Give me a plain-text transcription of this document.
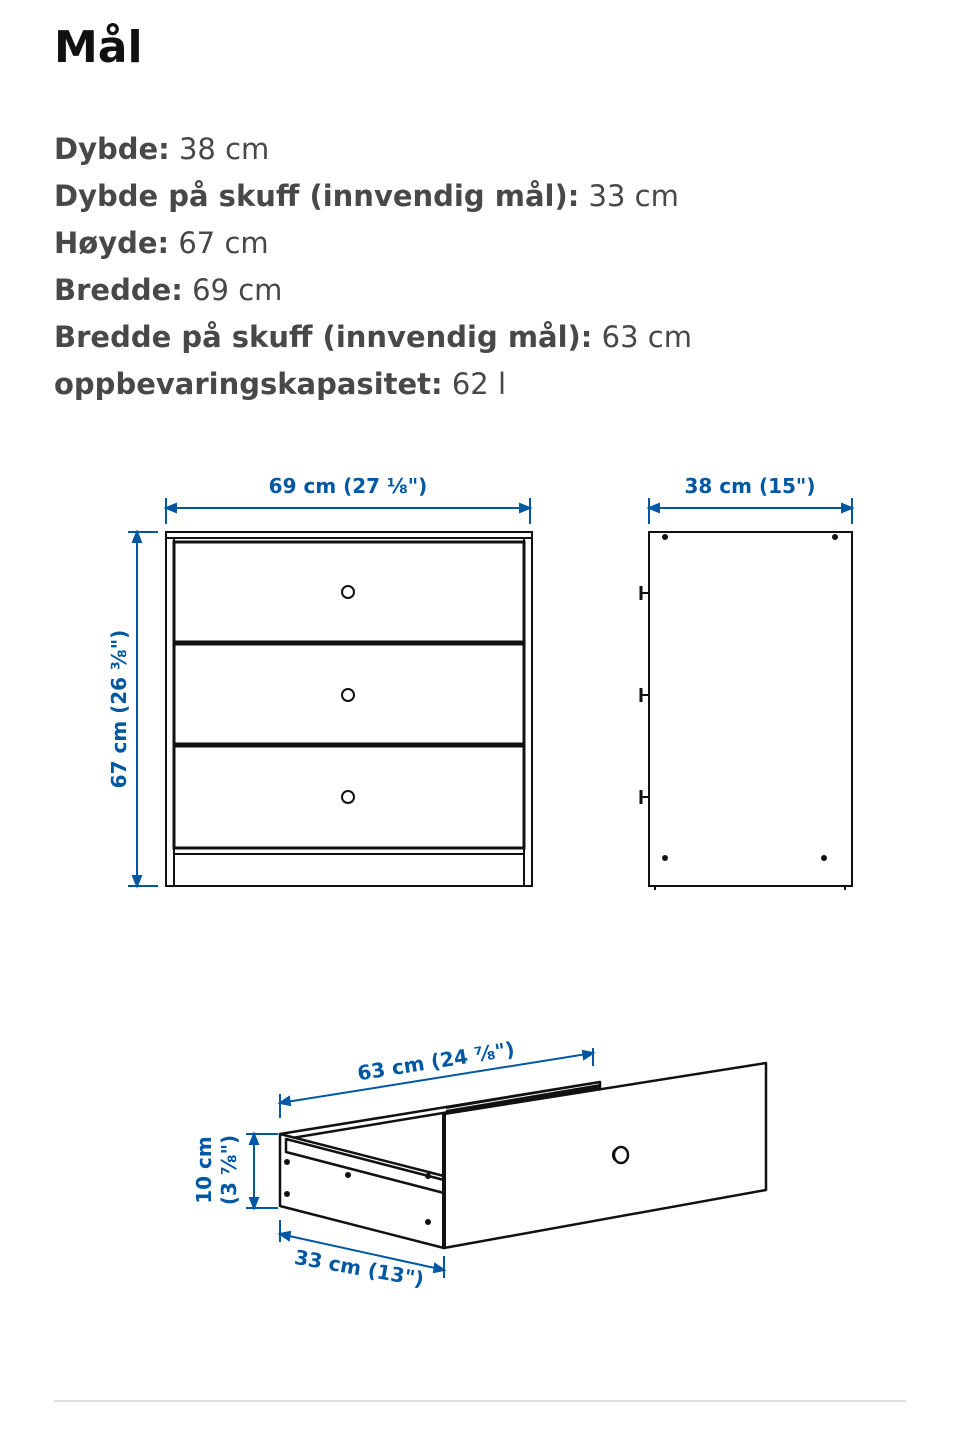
Mål
Dybde: 38 cm
Dybde på skuff (innvendig mål): 33 cm
Høyde: 67 cm
Bredde: 69 cm
Bredde på skuff (innvendig mål): 63 cm
oppbevaringskapasitet: 62 l
69 cm (27 ⅛")
67 cm (26 ⅜")
38 cm (15")
63 cm (24 ⅞")
10 cm (3 ⅞")
33 cm (13")
